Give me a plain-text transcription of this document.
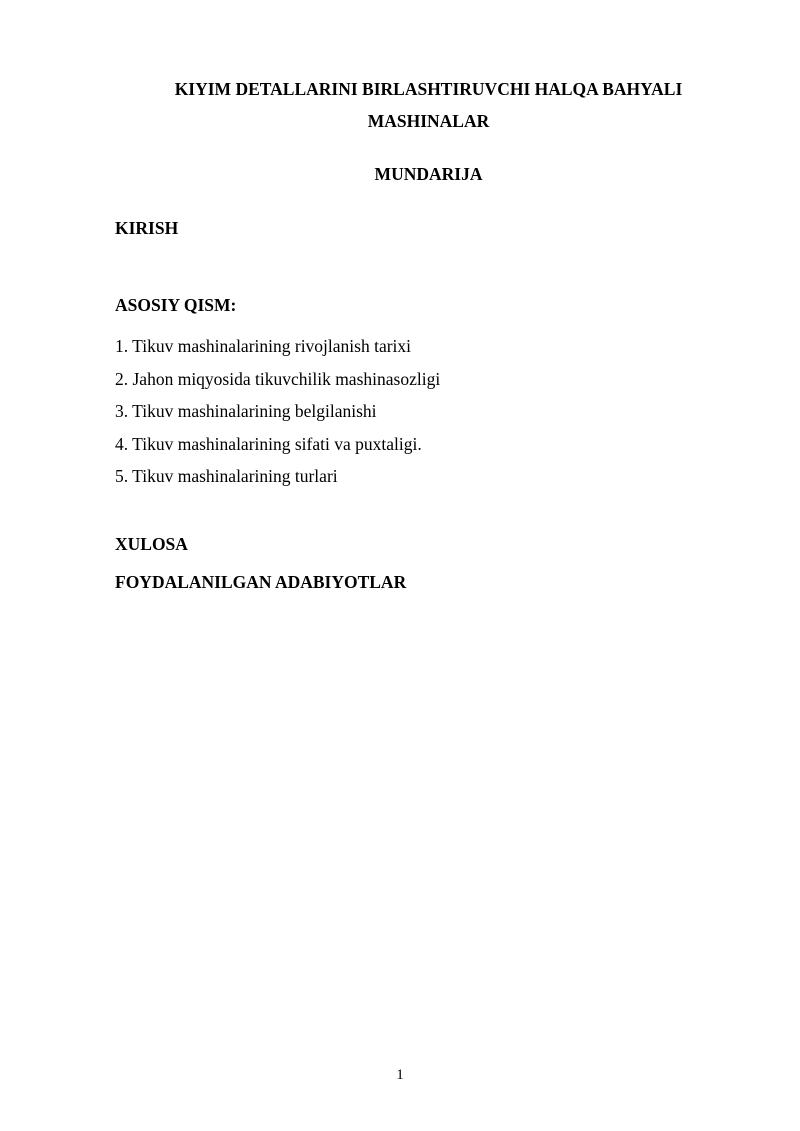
KIYIM DETALLARINI BIRLASHTIRUVCHI HALQA BAHYALI
MASHINALAR
MUNDARIJA
KIRISH
ASOSIY QISM:
1. Tikuv mashinalarining rivojlanish tarixi
2. Jahon miqyosida tikuvchilik mashinasozligi
3. Tikuv mashinalarining belgilanishi
4. Tikuv mashinalarining sifati va puxtaligi.
5. Tikuv mashinalarining turlari
XULOSA
FOYDALANILGAN ADABIYOTLAR
1
